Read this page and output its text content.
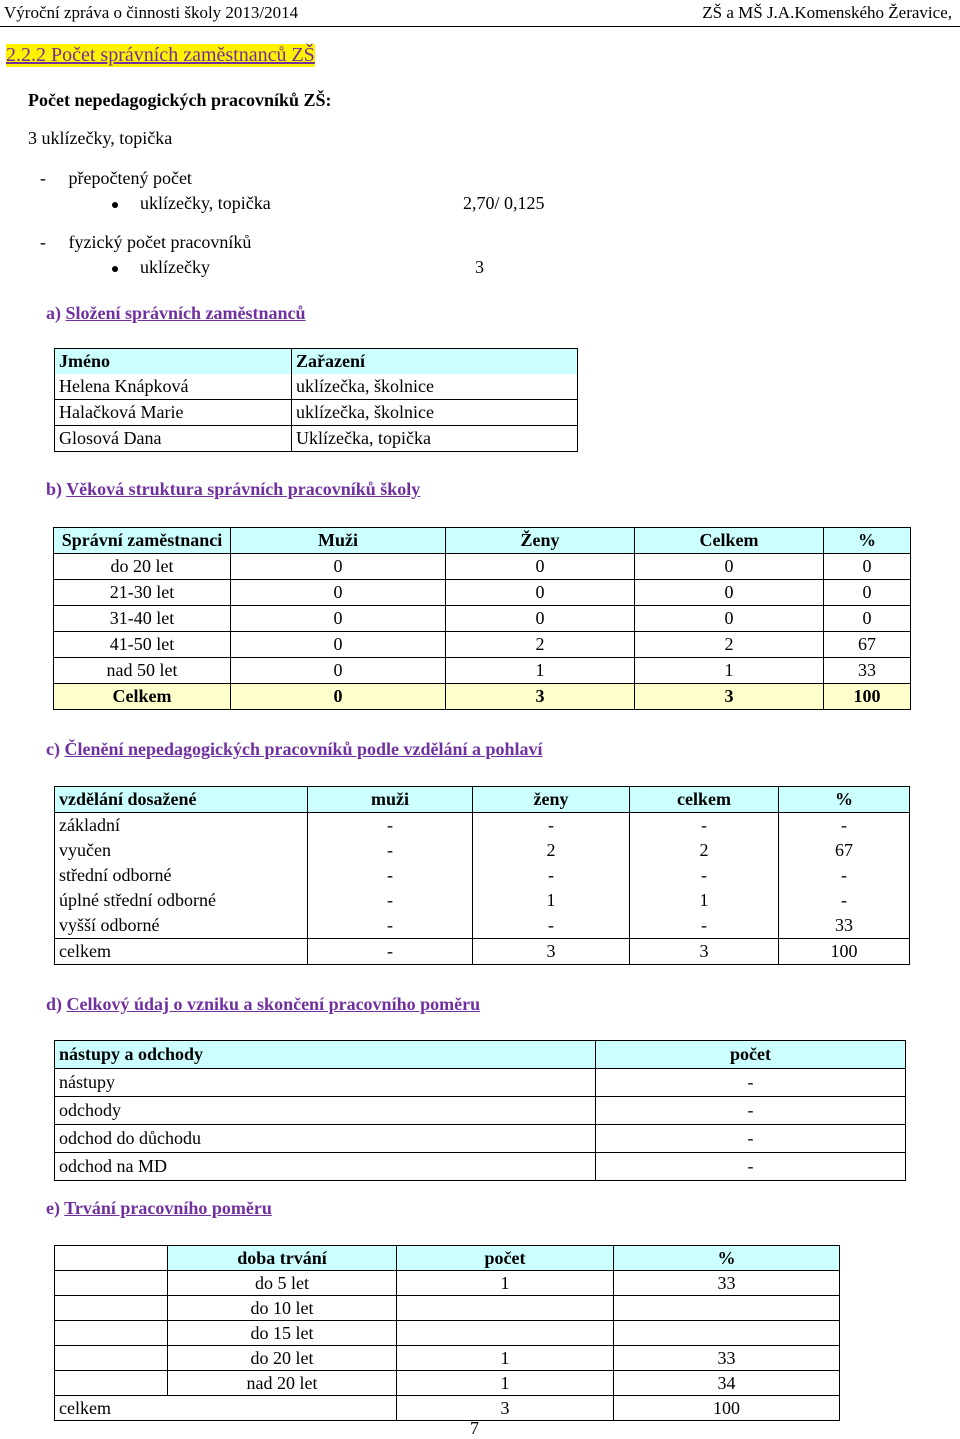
Výroční zpráva o činnosti školy 2013/2014	ZŠ a MŠ J.A.Komenského Žeravice,
2.2.2 Počet správních zaměstnanců ZŠ
Počet nepedagogických pracovníků ZŠ:
3 uklízečky, topička
-     přepočtený počet
uklízečky, topička	2,70/ 0,125
-     fyzický počet pracovníků
uklízečky	3
a) Složení správních zaměstnanců
Jméno	Zařazení
Helena Knápková	uklízečka, školnice
Halačková Marie	uklízečka, školnice
Glosová Dana	Uklízečka, topička
b) Věková struktura správních pracovníků školy
Správní zaměstnanci	Muži	Ženy	Celkem	%
do 20 let	0	0	0	0
21-30 let	0	0	0	0
31-40 let	0	0	0	0
41-50 let	0	2	2	67
nad 50 let	0	1	1	33
Celkem	0	3	3	100
c) Členění nepedagogických pracovníků podle vzdělání a pohlaví
vzdělání dosažené	muži	ženy	celkem	%
základní	-	-	-	-
vyučen	-	2	2	67
střední odborné	-	-	-	-
úplné střední odborné	-	1	1	-
vyšší odborné	-	-	-	33
celkem	-	3	3	100
d) Celkový údaj o vzniku a skončení pracovního poměru
nástupy a odchody	počet
nástupy	-
odchody	-
odchod do důchodu	-
odchod na MD	-
e) Trvání pracovního poměru
	doba trvání	počet	%
	do 5 let	1	33
	do 10 let		
	do 15 let		
	do 20 let	1	33
	nad 20 let	1	34
celkem		3	100
7
